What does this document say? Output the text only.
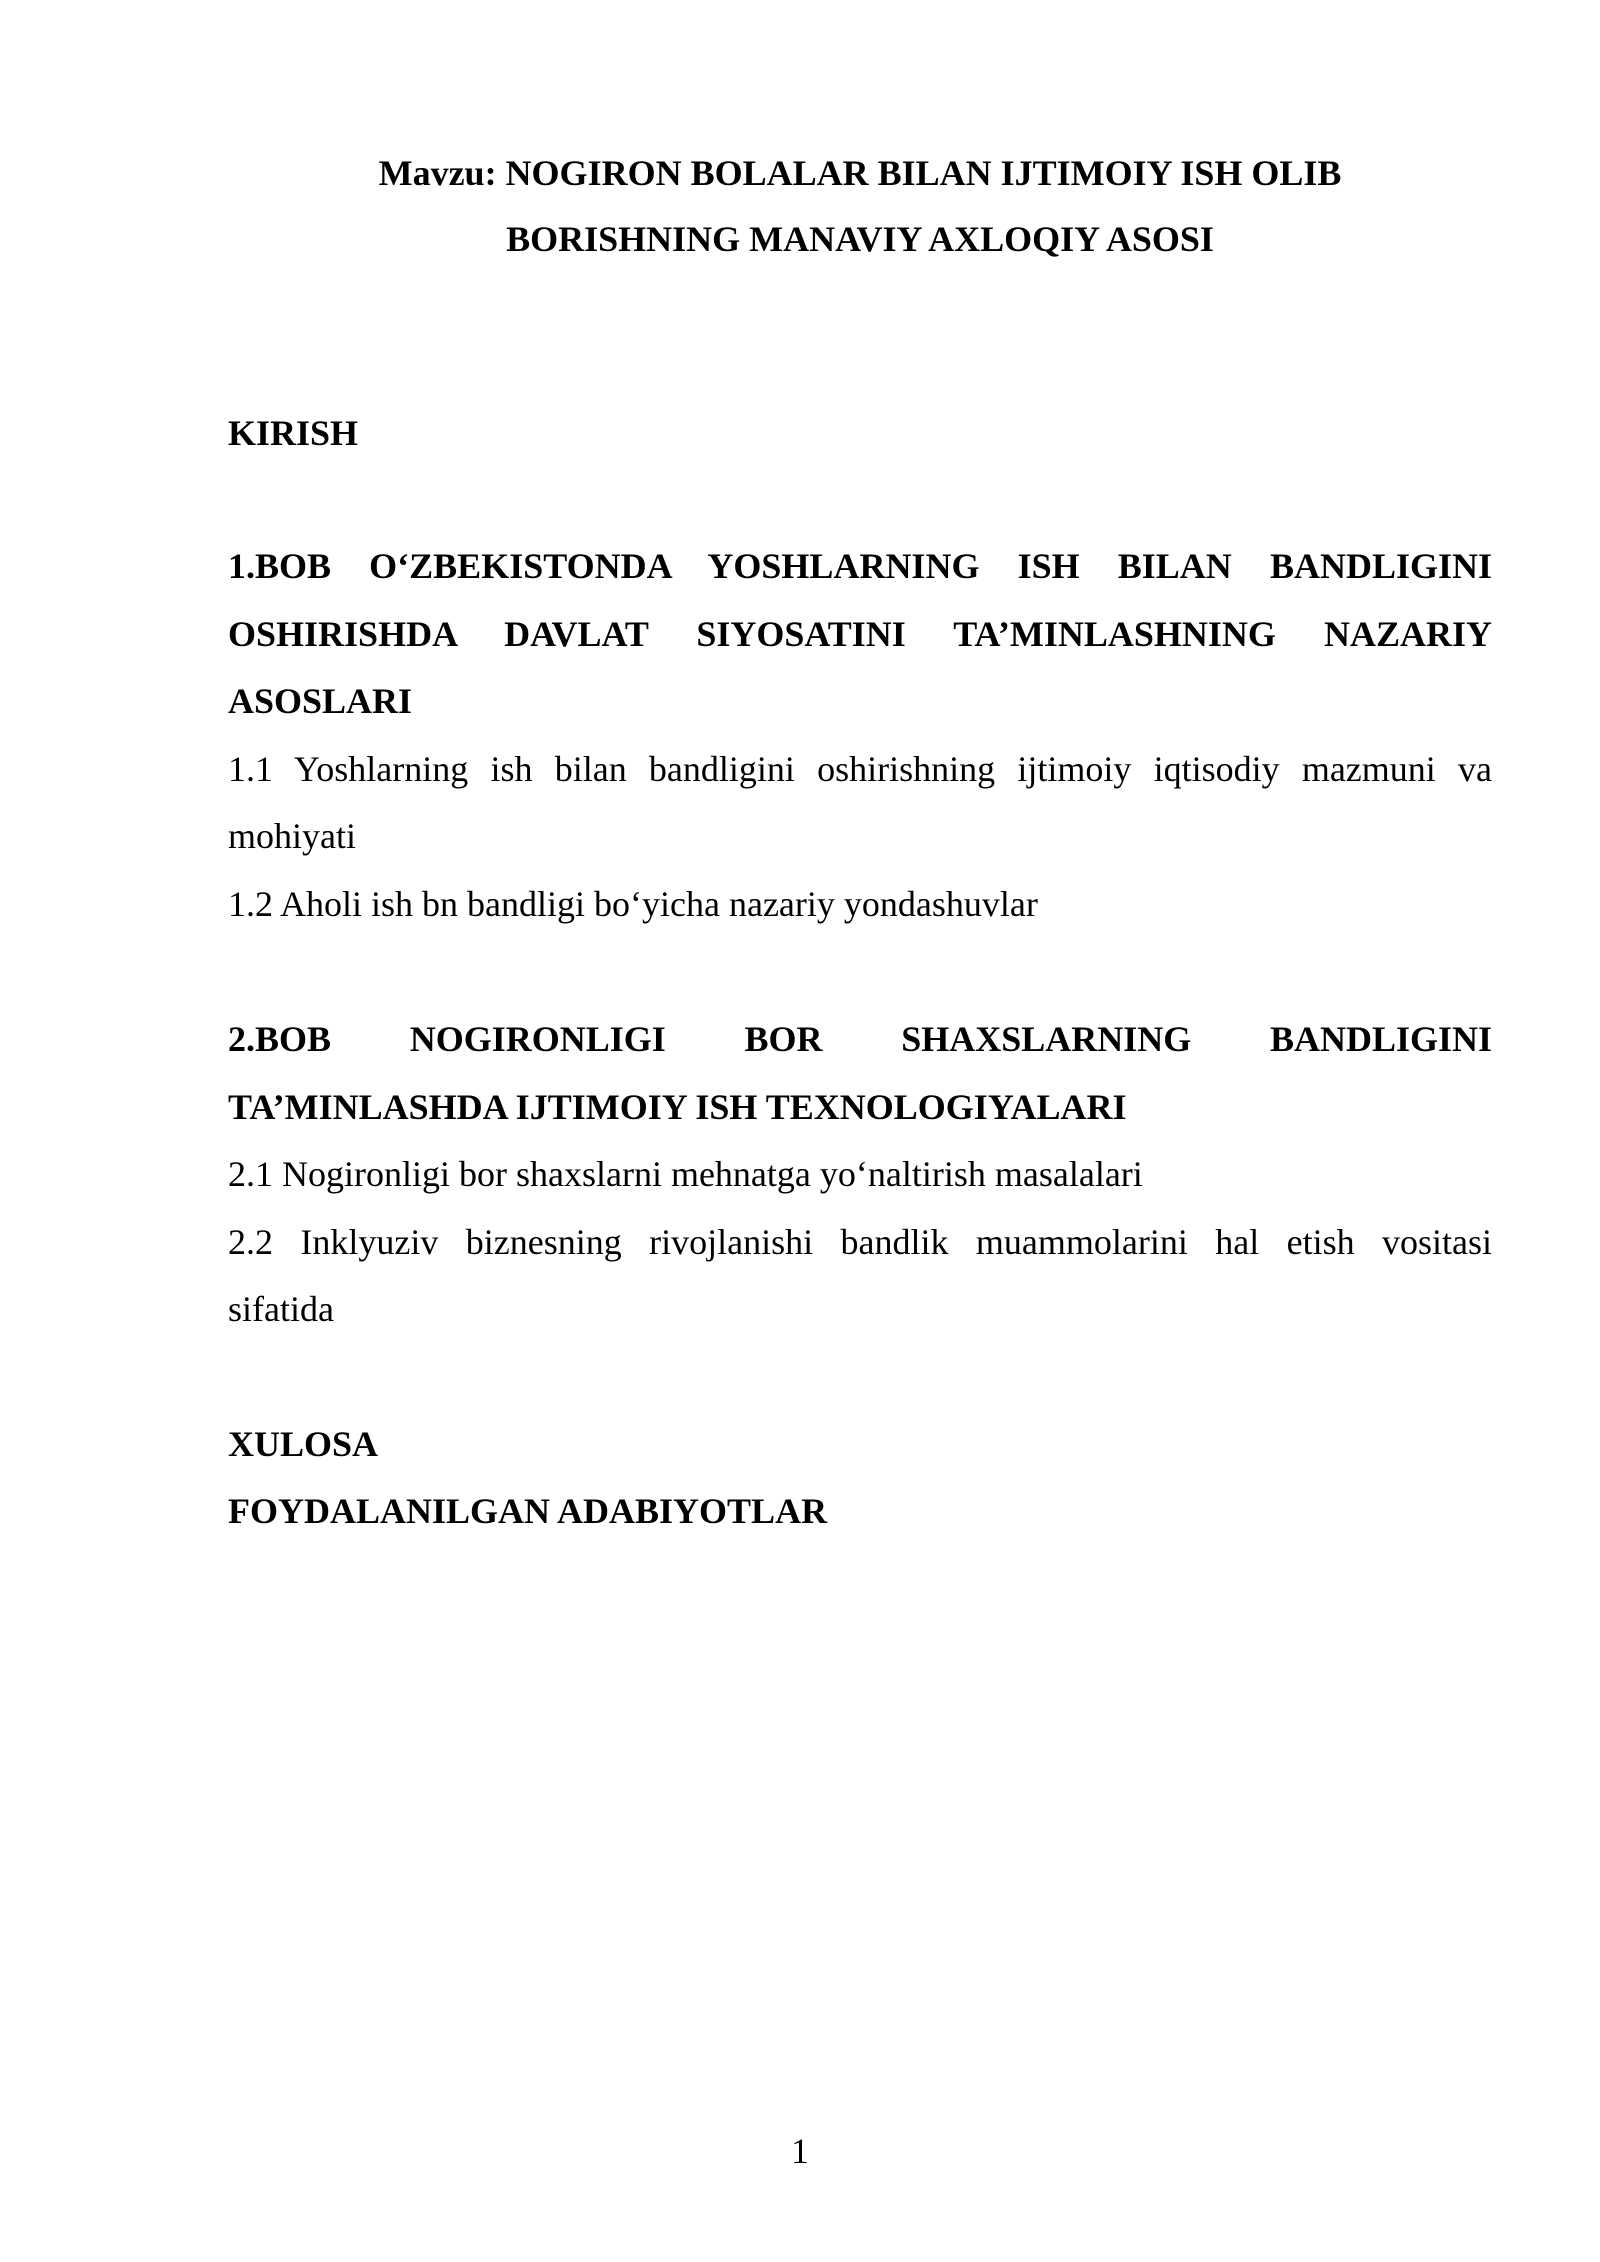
Mavzu: NOGIRON BOLALAR BILAN IJTIMOIY ISH OLIB
BORISHNING MANAVIY AXLOQIY ASOSI
KIRISH
1.BOB O‘ZBEKISTONDA YOSHLARNING ISH BILAN BANDLIGINI
OSHIRISHDA DAVLAT SIYOSATINI TA’MINLASHNING NAZARIY
ASOSLARI
1.1 Yoshlarning ish bilan bandligini oshirishning ijtimoiy iqtisodiy mazmuni va
mohiyati
1.2 Aholi ish bn bandligi bo‘yicha nazariy yondashuvlar
2.BOB NOGIRONLIGI BOR SHAXSLARNING BANDLIGINI
TA’MINLASHDA IJTIMOIY ISH TEXNOLOGIYALARI
2.1 Nogironligi bor shaxslarni mehnatga yo‘naltirish masalalari
2.2 Inklyuziv biznesning rivojlanishi bandlik muammolarini hal etish vositasi
sifatida
XULOSA
FOYDALANILGAN ADABIYOTLAR
1
